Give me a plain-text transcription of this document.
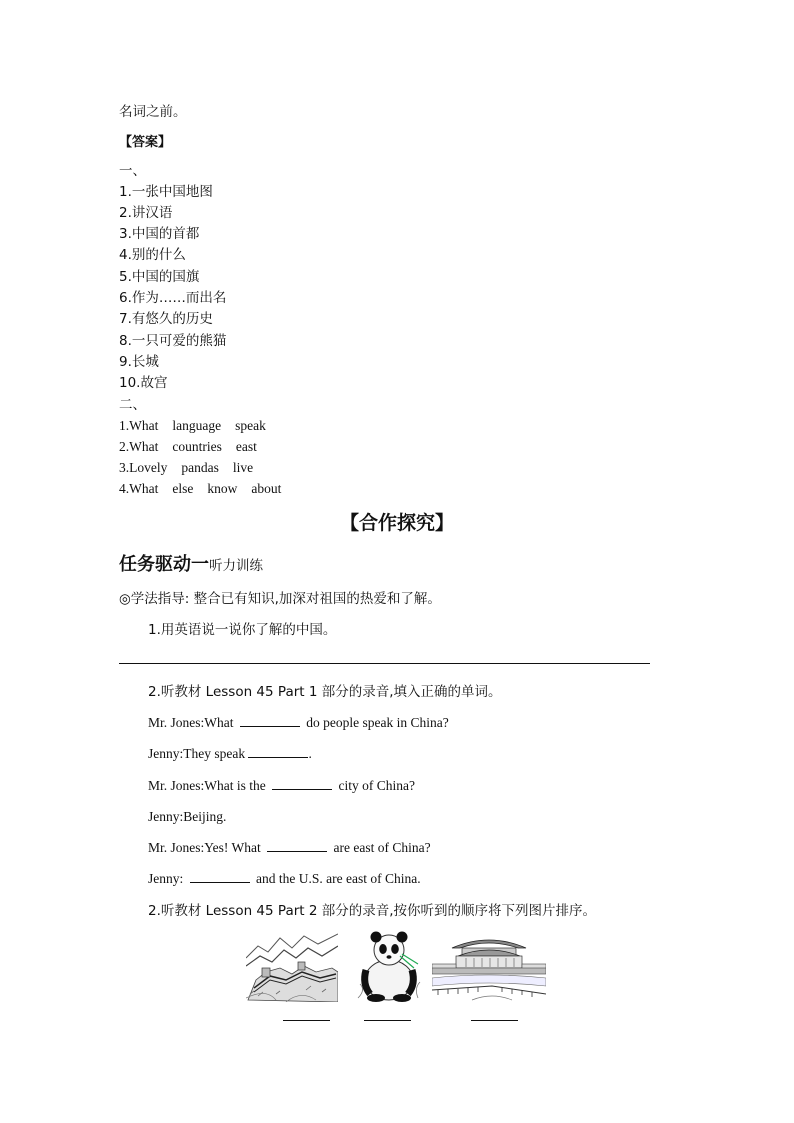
名词之前。
【答案】
一、
1.一张中国地图
2.讲汉语
3.中国的首都
4.别的什么
5.中国的国旗
6.作为……而出名
7.有悠久的历史
8.一只可爱的熊猫
9.长城
10.故宫
二、
1.What language speak
2.What countries east
3.Lovely pandas live
4.What else know about
【合作探究】
任务驱动一听力训练
◎学法指导: 整合已有知识,加深对祖国的热爱和了解。
1.用英语说一说你了解的中国。
2.听教材 Lesson 45 Part 1 部分的录音,填入正确的单词。
Mr. Jones:What	do people speak in China?
Jenny:They speak	.
Mr. Jones:What is the	city of China?
Jenny:Beijing.
Mr. Jones:Yes! What	are east of China?
Jenny:	and the U.S. are east of China.
2.听教材 Lesson 45 Part 2 部分的录音,按你听到的顺序将下列图片排序。
